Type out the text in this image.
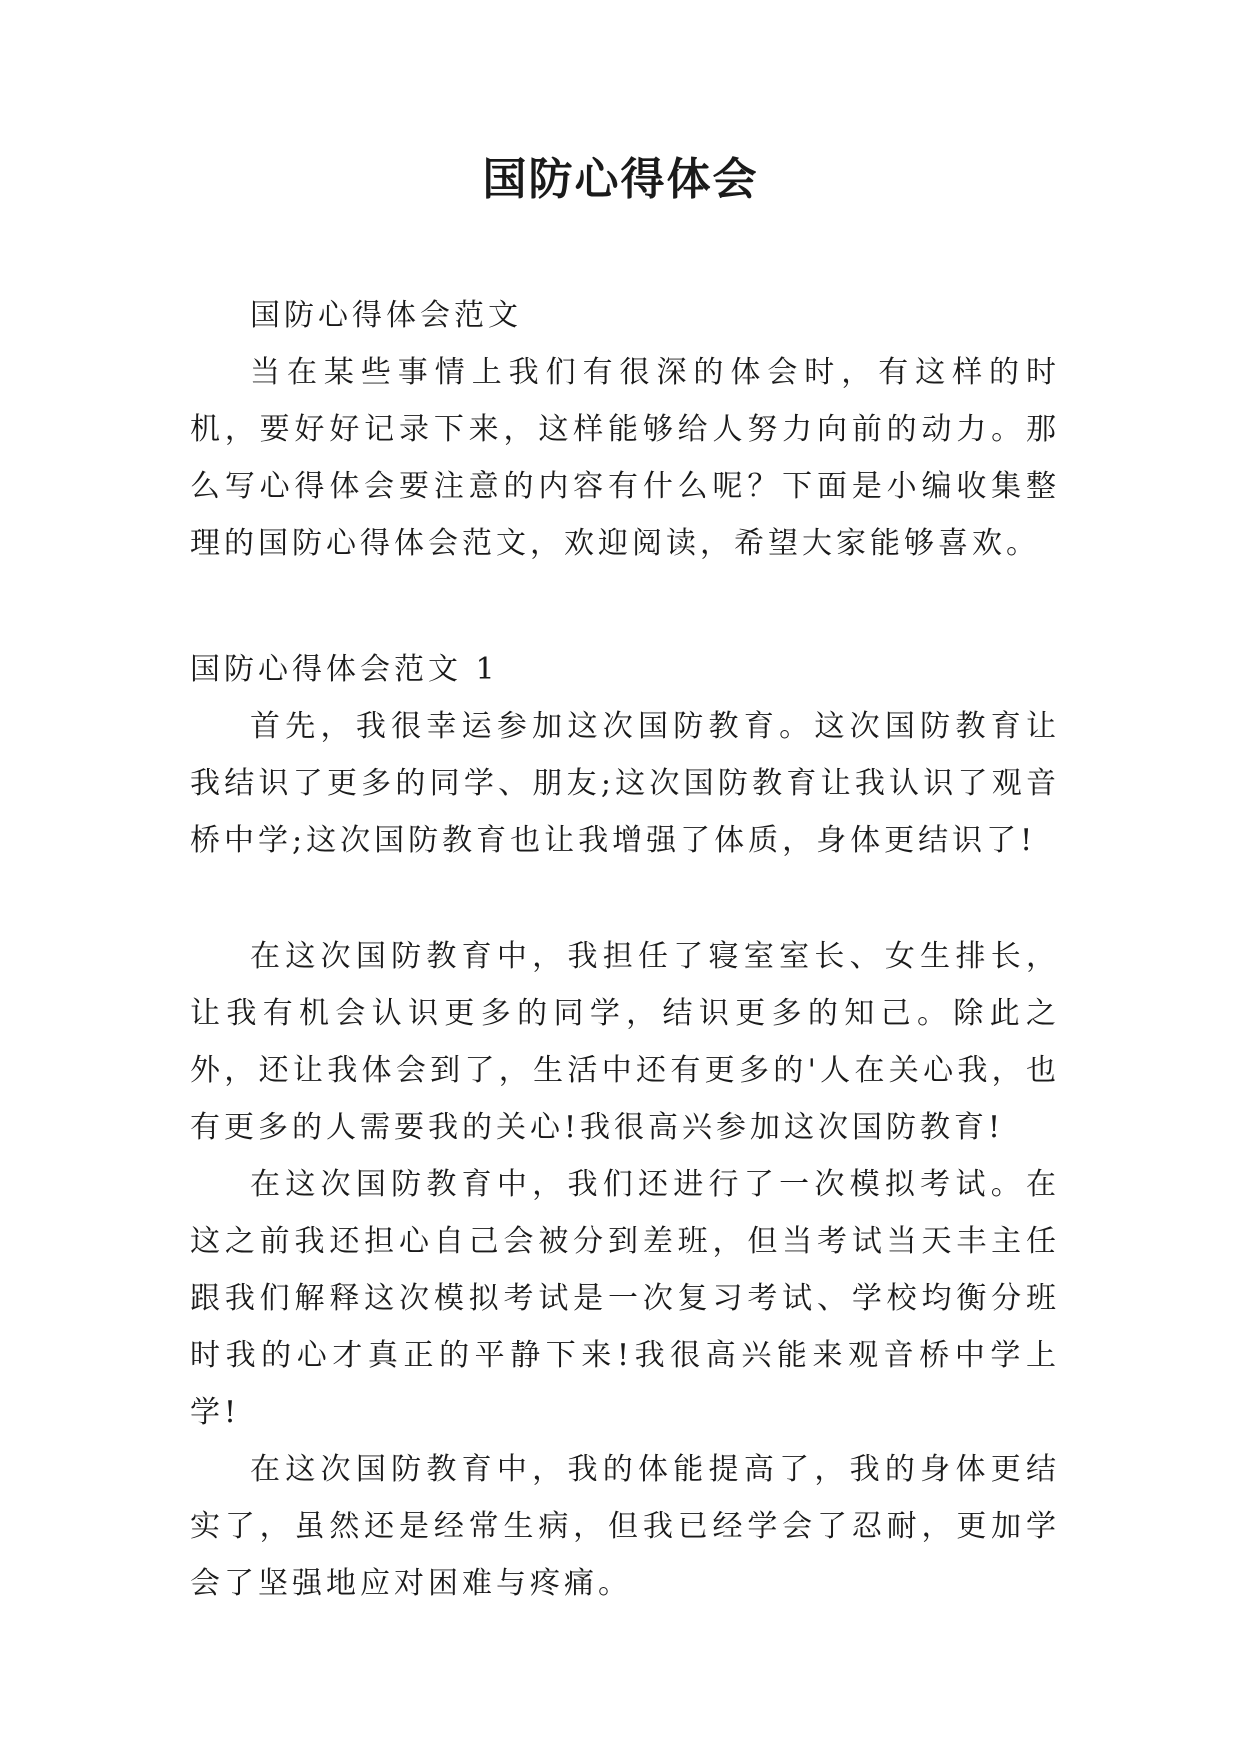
国防心得体会

国防心得体会范文

当在某些事情上我们有很深的体会时，有这样的时机，要好好记录下来，这样能够给人努力向前的动力。那么写心得体会要注意的内容有什么呢？下面是小编收集整理的国防心得体会范文，欢迎阅读，希望大家能够喜欢。

国防心得体会范文 1

首先，我很幸运参加这次国防教育。这次国防教育让我结识了更多的同学、朋友;这次国防教育让我认识了观音桥中学;这次国防教育也让我增强了体质，身体更结识了!

在这次国防教育中，我担任了寝室室长、女生排长，让我有机会认识更多的同学，结识更多的知己。除此之外，还让我体会到了，生活中还有更多的'人在关心我，也有更多的人需要我的关心!我很高兴参加这次国防教育!

在这次国防教育中，我们还进行了一次模拟考试。在这之前我还担心自己会被分到差班，但当考试当天丰主任跟我们解释这次模拟考试是一次复习考试、学校均衡分班时我的心才真正的平静下来!我很高兴能来观音桥中学上学!

在这次国防教育中，我的体能提高了，我的身体更结实了，虽然还是经常生病，但我已经学会了忍耐，更加学会了坚强地应对困难与疼痛。
